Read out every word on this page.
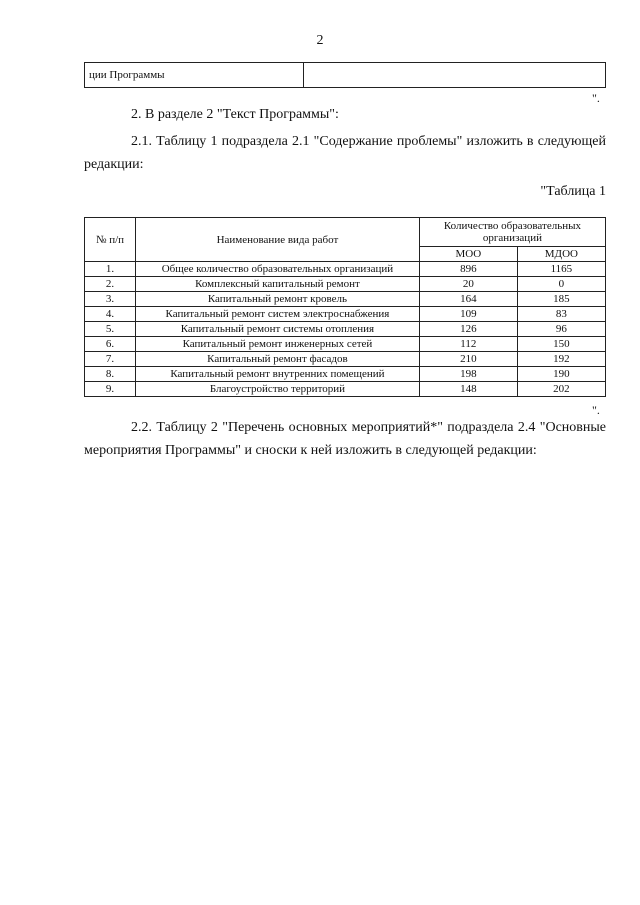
2
ции Программы	
".

2. В разделе 2 "Текст Программы":

2.1. Таблицу 1 подраздела 2.1 "Содержание проблемы" изложить в следующей редакции:

"Таблица 1
№ п/п	Наименование вида работ	Количество образовательных организаций	
		МОО	МДОО
1.	Общее количество образовательных организаций	896	1165
2.	Комплексный капитальный ремонт	20	0
3.	Капитальный ремонт кровель	164	185
4.	Капитальный ремонт систем электроснабжения	109	83
5.	Капитальный ремонт системы отопления	126	96
6.	Капитальный ремонт инженерных сетей	112	150
7.	Капитальный ремонт фасадов	210	192
8.	Капитальный ремонт внутренних помещений	198	190
9.	Благоустройство территорий	148	202
".

2.2. Таблицу 2 "Перечень основных мероприятий*" подраздела 2.4 "Основные мероприятия Программы" и сноски к ней изложить в следующей редакции:
